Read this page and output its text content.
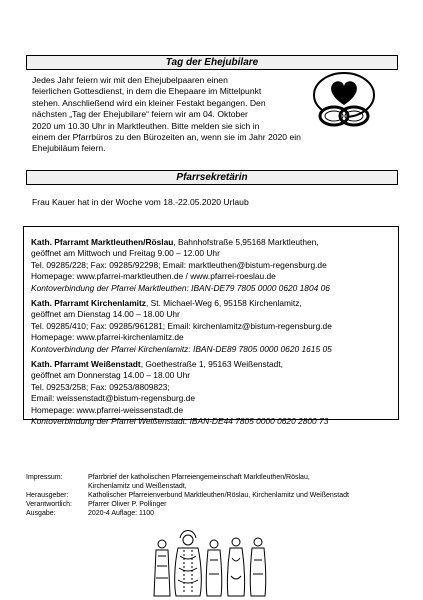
Tag der Ehejubilare

Jedes Jahr feiern wir mit den Ehejubelpaaren einen

feierlichen Gottesdienst, in dem die Ehepaare im Mittelpunkt

stehen. Anschließend wird ein kleiner Festakt begangen. Den

nächsten „Tag der Ehejubilare“ feiern wir am 04. Oktober

2020 um 10.30 Uhr in Marktleuthen. Bitte melden sie sich in

einem der Pfarrbüros zu den Bürozeiten an, wenn sie im Jahr 2020 ein

Ehejubiläum feiern.

Pfarrsekretärin

Frau Kauer hat in der Woche vom 18.-22.05.2020 Urlaub

Kath. Pfarramt Marktleuthen/Röslau, Bahnhofstraße 5,95168 Marktleuthen,

geöffnet am Mittwoch und Freitag 9.00 – 12.00 Uhr

Tel. 09285/228; Fax: 09285/92298; Email: marktleuthen@bistum-regensburg.de

Homepage: www.pfarrei-marktleuthen.de / www.pfarrei-roeslau.de

Kontoverbindung der Pfarrei Marktleuthen: IBAN-DE79 7805 0000 0620 1804 06

Kath. Pfarramt Kirchenlamitz, St. Michael-Weg 6, 95158 Kirchenlamitz,

geöffnet am Dienstag 14.00 – 18.00 Uhr

Tel. 09285/410; Fax: 09285/961281; Email: kirchenlamitz@bistum-regensburg.de

Homepage: www.pfarrei-kirchenlamitz.de

Kontoverbindung der Pfarrei Kirchenlamitz: IBAN-DE89 7805 0000 0620 1615 05

Kath. Pfarramt Weißenstadt, Goethestraße 1, 95163 Weißenstadt,

geöffnet am Donnerstag 14.00 – 18.00 Uhr

Tel. 09253/258; Fax: 09253/8809823;

Email: weissenstadt@bistum-regensburg.de

Homepage: www.pfarrei-weissenstadt.de

Kontoverbindung der Pfarrei Weißenstadt: IBAN-DE44 7805 0000 0620 2800 73

Impressum:	Pfarrbrief der katholischen Pfarreiengemeinschaft Marktleuthen/Röslau,
Kirchenlamitz und Weißenstadt,
Herausgeber:	Katholischer Pfarreienverbund Marktleuthen/Röslau, Kirchenlamitz und Weißenstadt
Verantwortlich:	Pfarrer Oliver P. Pollinger
Ausgabe:	2020-4 Auflage: 1100
